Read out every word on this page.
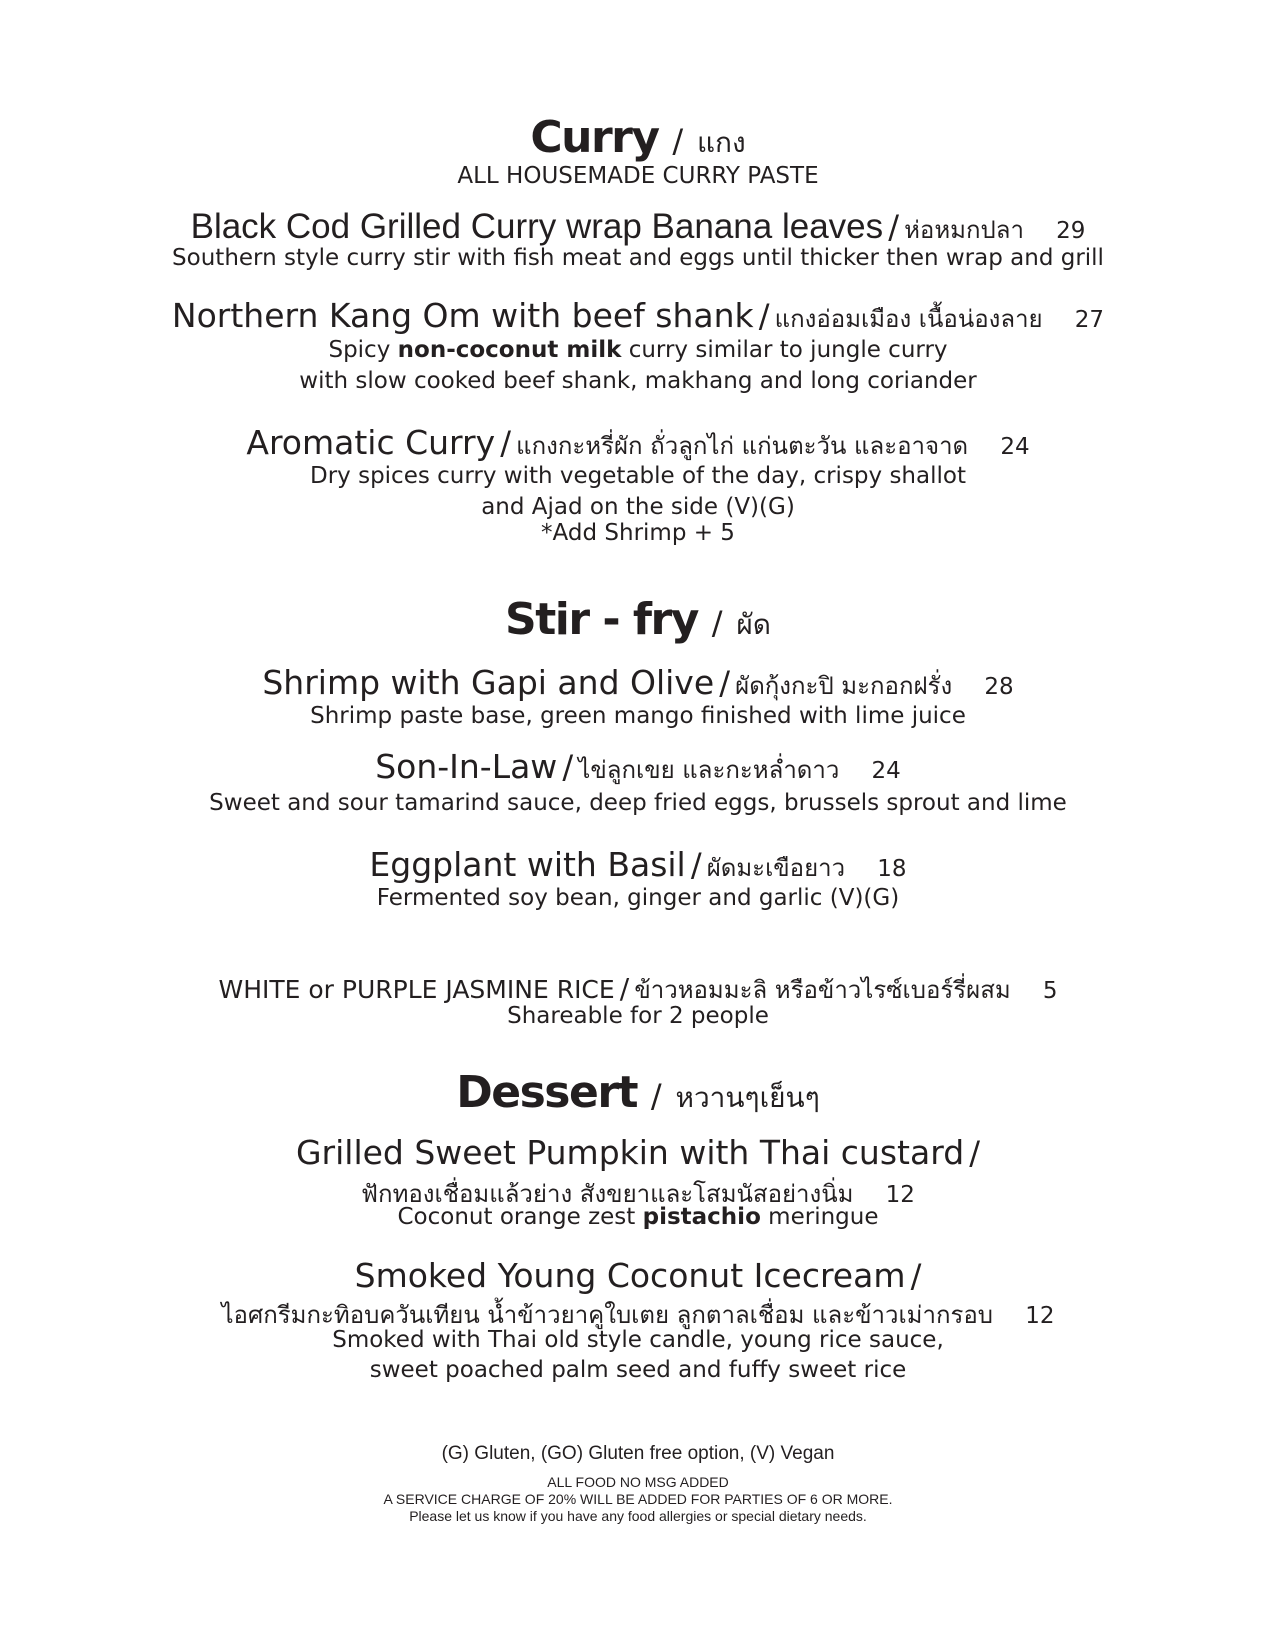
Curry / แกง
ALL HOUSEMADE CURRY PASTE
Black Cod Grilled Curry wrap Banana leaves / ห่อหมกปลา 29
Southern style curry stir with fish meat and eggs until thicker then wrap and grill
Northern Kang Om with beef shank / แกงอ่อมเมือง เนื้อน่องลาย 27
Spicy non-coconut milk curry similar to jungle curry
with slow cooked beef shank, makhang and long coriander
Aromatic Curry / แกงกะหรี่ผัก ถั่วลูกไก่ แก่นตะวัน และอาจาด 24
Dry spices curry with vegetable of the day, crispy shallot
and Ajad on the side (V)(G)
*Add Shrimp + 5
Stir - fry / ผัด
Shrimp with Gapi and Olive / ผัดกุ้งกะปิ มะกอกฝรั่ง 28
Shrimp paste base, green mango finished with lime juice
Son-In-Law / ไข่ลูกเขย และกะหล่ำดาว 24
Sweet and sour tamarind sauce, deep fried eggs, brussels sprout and lime
Eggplant with Basil / ผัดมะเขือยาว 18
Fermented soy bean, ginger and garlic (V)(G)
WHITE or PURPLE JASMINE RICE / ข้าวหอมมะลิ หรือข้าวไรซ์เบอร์รี่ผสม 5
Shareable for 2 people
Dessert / หวานๆเย็นๆ
Grilled Sweet Pumpkin with Thai custard /
ฟักทองเชื่อมแล้วย่าง สังขยาและโสมนัสอย่างนิ่ม 12
Coconut orange zest pistachio meringue
Smoked Young Coconut Icecream /
ไอศกรีมกะทิอบควันเทียน น้ำข้าวยาคูใบเตย ลูกตาลเชื่อม และข้าวเม่ากรอบ 12
Smoked with Thai old style candle, young rice sauce,
sweet poached palm seed and fuffy sweet rice
(G) Gluten, (GO) Gluten free option, (V) Vegan
ALL FOOD NO MSG ADDED
A SERVICE CHARGE OF 20% WILL BE ADDED FOR PARTIES OF 6 OR MORE.
Please let us know if you have any food allergies or special dietary needs.
